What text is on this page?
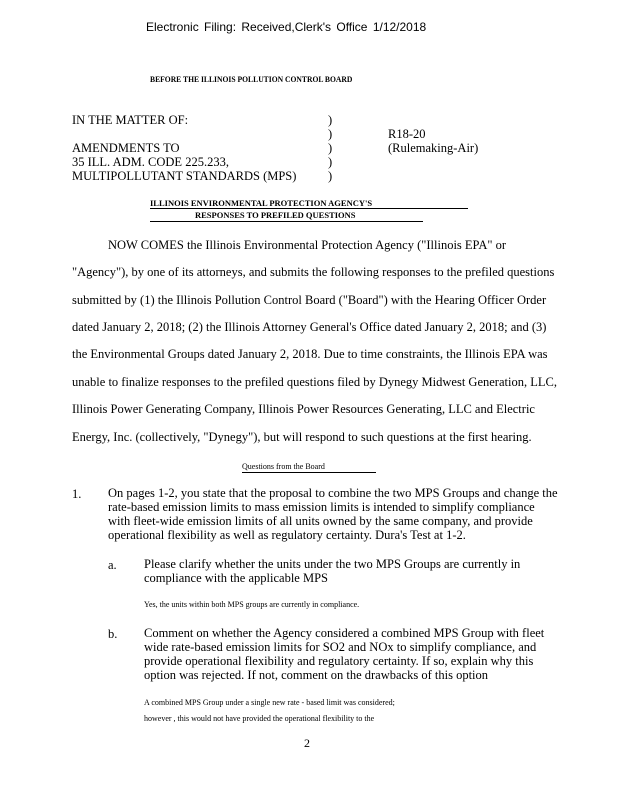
Electronic Filing: Received,Clerk's Office 1/12/2018
BEFORE THE ILLINOIS POLLUTION CONTROL BOARD
IN THE MATTER OF:
AMENDMENTS TO
35 ILL. ADM. CODE 225.233,
MULTIPOLLUTANT STANDARDS (MPS)
)
)
)
)
)
R18-20
(Rulemaking-Air)
ILLINOIS ENVIRONMENTAL PROTECTION AGENCY'S
RESPONSES TO PREFILED QUESTIONS
NOW COMES the Illinois Environmental Protection Agency ("Illinois EPA" or
"Agency"), by one of its attorneys, and submits the following responses to the prefiled questions
submitted by (1) the Illinois Pollution Control Board ("Board") with the Hearing Officer Order
dated January 2, 2018; (2) the Illinois Attorney General's Office dated January 2, 2018; and (3)
the Environmental Groups dated January 2, 2018. Due to time constraints, the Illinois EPA was
unable to finalize responses to the prefiled questions filed by Dynegy Midwest Generation, LLC,
Illinois Power Generating Company, Illinois Power Resources Generating, LLC and Electric
Energy, Inc. (collectively, "Dynegy"), but will respond to such questions at the first hearing.
Questions from the Board
1. On pages 1-2, you state that the proposal to combine the two MPS Groups and change the
rate-based emission limits to mass emission limits is intended to simplify compliance
with fleet-wide emission limits of all units owned by the same company, and provide
operational flexibility as well as regulatory certainty. Dura's Test at 1-2.
a. Please clarify whether the units under the two MPS Groups are currently in
compliance with the applicable MPS
Yes, the units within both MPS groups are currently in compliance.
b. Comment on whether the Agency considered a combined MPS Group with fleet
wide rate-based emission limits for SO2 and NOx to simplify compliance, and
provide operational flexibility and regulatory certainty. If so, explain why this
option was rejected. If not, comment on the drawbacks of this option
A combined MPS Group under a single new rate - based limit was considered;
however , this would not have provided the operational flexibility to the
2
